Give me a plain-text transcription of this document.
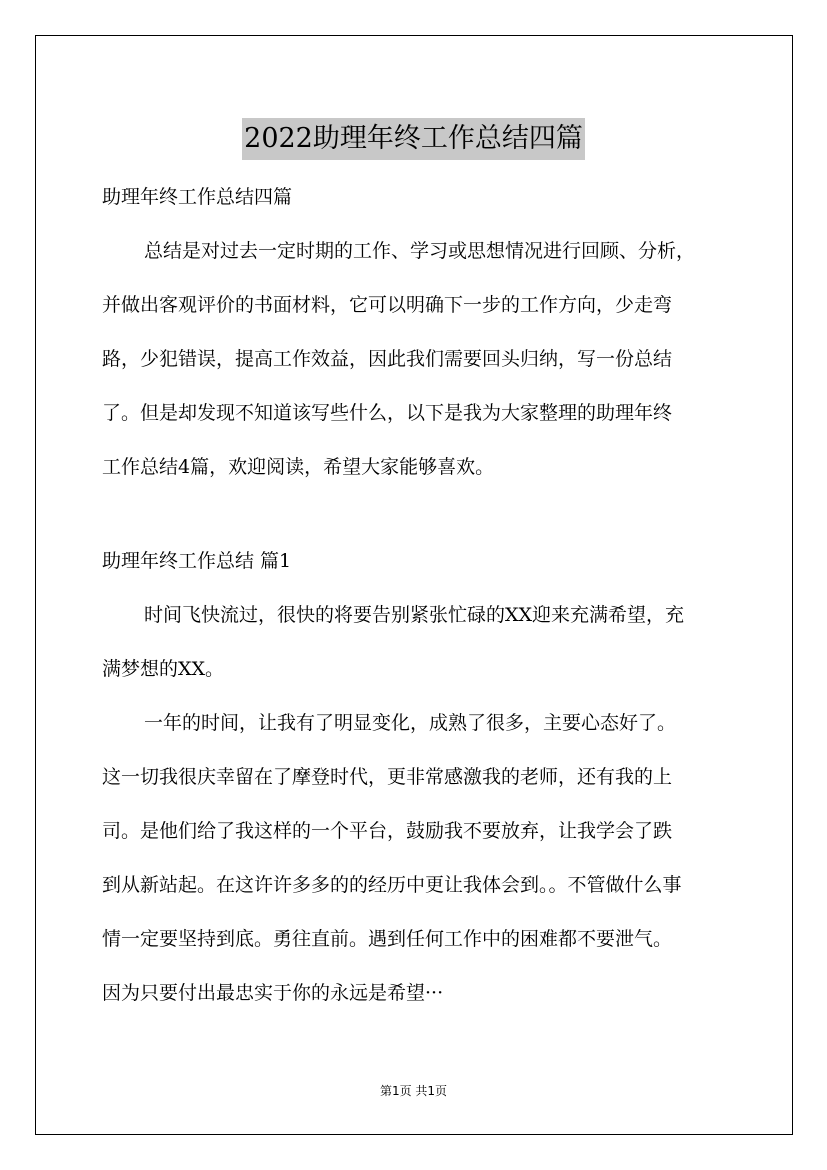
2022助理年终工作总结四篇
助理年终工作总结四篇
总结是对过去一定时期的工作、学习或思想情况进行回顾、分析，
并做出客观评价的书面材料，它可以明确下一步的工作方向，少走弯
路，少犯错误，提高工作效益，因此我们需要回头归纳，写一份总结
了。但是却发现不知道该写些什么，以下是我为大家整理的助理年终
工作总结4篇，欢迎阅读，希望大家能够喜欢。
助理年终工作总结 篇1
时间飞快流过，很快的将要告别紧张忙碌的XX迎来充满希望，充
满梦想的XX。
一年的时间，让我有了明显变化，成熟了很多，主要心态好了。
这一切我很庆幸留在了摩登时代，更非常感激我的老师，还有我的上
司。是他们给了我这样的一个平台，鼓励我不要放弃，让我学会了跌
到从新站起。在这许许多多的的经历中更让我体会到。。不管做什么事
情一定要坚持到底。勇往直前。遇到任何工作中的困难都不要泄气。
因为只要付出最忠实于你的永远是希望···
第1页 共1页
